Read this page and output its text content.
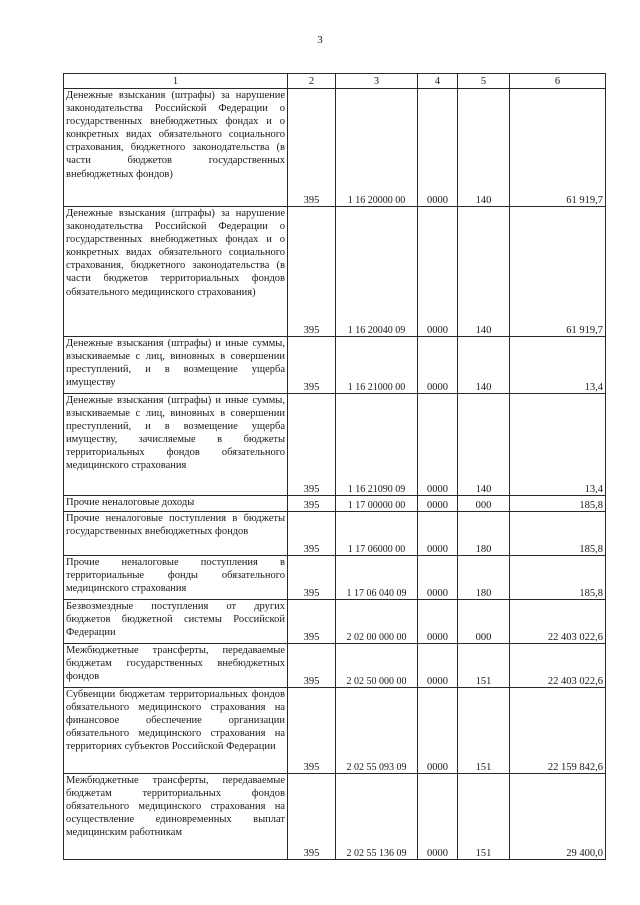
3
1	2	3	4	5	6
Денежные взыскания (штрафы) за нарушение законодательства Российской Федерации о государственных внебюджетных фондах и о конкретных видах обязательного социального страхования, бюджетного законодательства (в части бюджетов государственных внебюджетных фондов)	395	1 16 20000 00	0000	140	61 919,7
Денежные взыскания (штрафы) за нарушение законодательства Российской Федерации о государственных внебюджетных фондах и о конкретных видах обязательного социального страхования, бюджетного законодательства (в части бюджетов территориальных фондов обязательного медицинского страхования)	395	1 16 20040 09	0000	140	61 919,7
Денежные взыскания (штрафы) и иные суммы, взыскиваемые с лиц, виновных в совершении преступлений, и в возмещение ущерба имуществу	395	1 16 21000 00	0000	140	13,4
Денежные взыскания (штрафы) и иные суммы, взыскиваемые с лиц, виновных в совершении преступлений, и в возмещение ущерба имуществу, зачисляемые в бюджеты территориальных фондов обязательного медицинского страхования	395	1 16 21090 09	0000	140	13,4
Прочие неналоговые доходы	395	1 17 00000 00	0000	000	185,8
Прочие неналоговые поступления в бюджеты государственных внебюджетных фондов	395	1 17 06000 00	0000	180	185,8
Прочие неналоговые поступления в территориальные фонды обязательного медицинского страхования	395	1 17 06 040 09	0000	180	185,8
Безвозмездные поступления от других бюджетов бюджетной системы Российской Федерации	395	2 02 00 000 00	0000	000	22 403 022,6
Межбюджетные трансферты, передаваемые бюджетам государственных внебюджетных фондов	395	2 02 50 000 00	0000	151	22 403 022,6
Субвенции бюджетам территориальных фондов обязательного медицинского страхования на финансовое обеспечение организации обязательного медицинского страхования на территориях субъектов Российской Федерации	395	2 02 55 093 09	0000	151	22 159 842,6
Межбюджетные трансферты, передаваемые бюджетам территориальных фондов обязательного медицинского страхования на осуществление единовременных выплат медицинским работникам	395	2 02 55 136 09	0000	151	29 400,0
